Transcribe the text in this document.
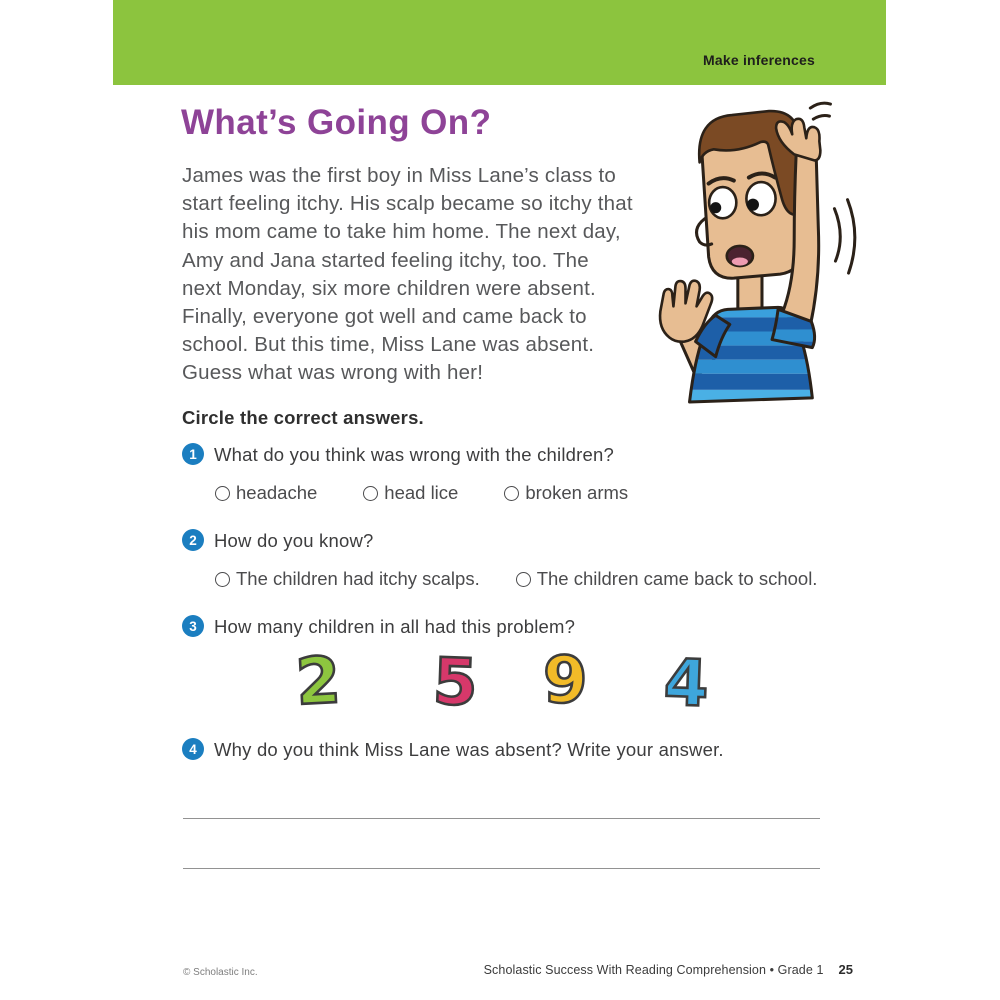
Make inferences
What’s Going On?
James was the first boy in Miss Lane’s class to
start feeling itchy. His scalp became so itchy that
his mom came to take him home. The next day,
Amy and Jana started feeling itchy, too. The
next Monday, six more children were absent.
Finally, everyone got well and came back to
school. But this time, Miss Lane was absent.
Guess what was wrong with her!
Circle the correct answers.
1 What do you think was wrong with the children?
headache	head lice	broken arms
2 How do you know?
The children had itchy scalps.	The children came back to school.
3 How many children in all had this problem?
2 5 9 4
4 Why do you think Miss Lane was absent? Write your answer.
© Scholastic Inc.	Scholastic Success With Reading Comprehension • Grade 1 25
